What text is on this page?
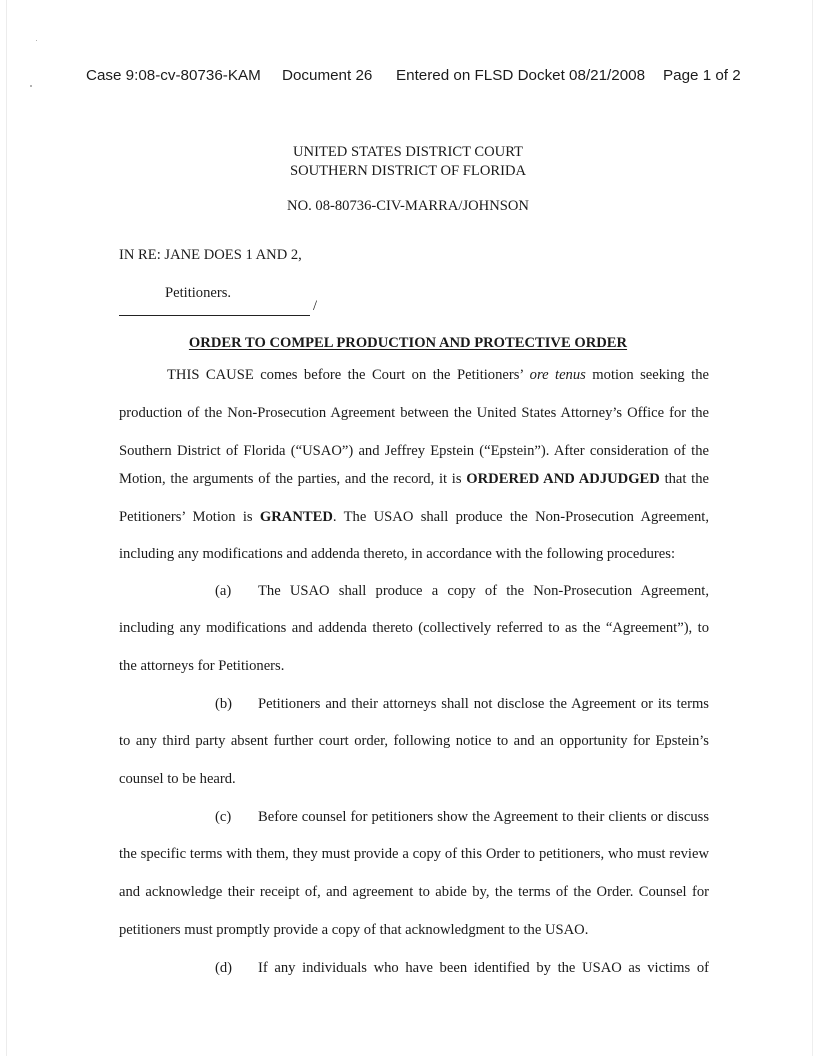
Case 9:08-cv-80736-KAM Document 26 Entered on FLSD Docket 08/21/2008 Page 1 of 2
UNITED STATES DISTRICT COURT
SOUTHERN DISTRICT OF FLORIDA
NO. 08-80736-CIV-MARRA/JOHNSON
IN RE: JANE DOES 1 AND 2,
Petitioners.
/
ORDER TO COMPEL PRODUCTION AND PROTECTIVE ORDER
THIS CAUSE comes before the Court on the Petitioners’ ore tenus motion seeking the
production of the Non-Prosecution Agreement between the United States Attorney’s Office for the
Southern District of Florida (“USAO”) and Jeffrey Epstein (“Epstein”). After consideration of the
Motion, the arguments of the parties, and the record, it is ORDERED AND ADJUDGED that the
Petitioners’ Motion is GRANTED. The USAO shall produce the Non-Prosecution Agreement,
including any modifications and addenda thereto, in accordance with the following procedures:
(a) The USAO shall produce a copy of the Non-Prosecution Agreement,
including any modifications and addenda thereto (collectively referred to as the “Agreement”), to
the attorneys for Petitioners.
(b) Petitioners and their attorneys shall not disclose the Agreement or its terms
to any third party absent further court order, following notice to and an opportunity for Epstein’s
counsel to be heard.
(c) Before counsel for petitioners show the Agreement to their clients or discuss
the specific terms with them, they must provide a copy of this Order to petitioners, who must review
and acknowledge their receipt of, and agreement to abide by, the terms of the Order. Counsel for
petitioners must promptly provide a copy of that acknowledgment to the USAO.
(d) If any individuals who have been identified by the USAO as victims of
